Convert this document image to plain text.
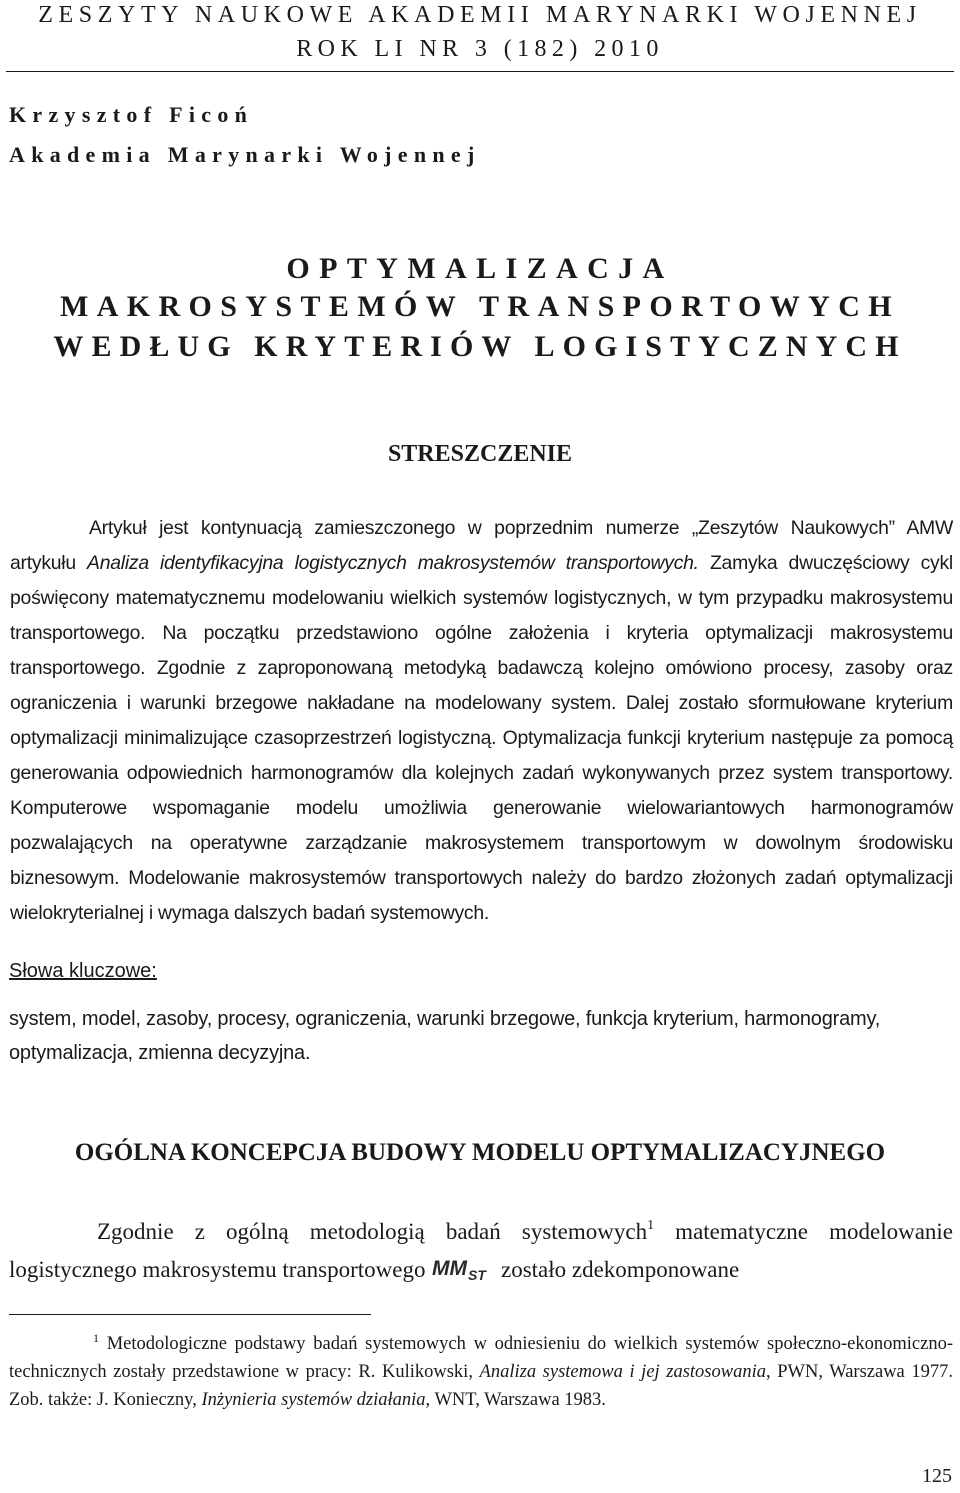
ZESZYTY NAUKOWE AKADEMII MARYNARKI WOJENNEJ
ROK LI NR 3 (182) 2010
Krzysztof Ficoń
Akademia Marynarki Wojennej
OPTYMALIZACJA
MAKROSYSTEMÓW TRANSPORTOWYCH
WEDŁUG KRYTERIÓW LOGISTYCZNYCH
STRESZCZENIE

Artykuł jest kontynuacją zamieszczonego w poprzednim numerze „Zeszytów Naukowych” AMW artykułu Analiza identyfikacyjna logistycznych makrosystemów transportowych. Zamyka dwuczęściowy cykl poświęcony matematycznemu modelowaniu wielkich systemów logistycznych, w tym przypadku makrosystemu transportowego. Na początku przedstawiono ogólne założenia i kryteria optymalizacji makrosystemu transportowego. Zgodnie z zaproponowaną metodyką badawczą kolejno omówiono procesy, zasoby oraz ograniczenia i warunki brzegowe nakładane na modelowany system. Dalej zostało sformułowane kryterium optymalizacji minimalizujące czasoprzestrzeń logistyczną. Optymalizacja funkcji kryterium następuje za pomocą generowania odpowiednich harmonogramów dla kolejnych zadań wykonywanych przez system transportowy. Komputerowe wspomaganie modelu umożliwia generowanie wielowariantowych harmonogramów pozwalających na operatywne zarządzanie makrosystemem transportowym w dowolnym środowisku biznesowym. Modelowanie makrosystemów transportowych należy do bardzo złożonych zadań optymalizacji wielokryterialnej i wymaga dalszych badań systemowych.

Słowa kluczowe:

system, model, zasoby, procesy, ograniczenia, warunki brzegowe, funkcja kryterium, harmonogramy, optymalizacja, zmienna decyzyjna.

OGÓLNA KONCEPCJA BUDOWY MODELU OPTYMALIZACYJNEGO

Zgodnie z ogólną metodologią badań systemowych$^1$ matematyczne modelowanie logistycznego makrosystemu transportowego MM ST zostało zdekomponowane

$^1$ Metodologiczne podstawy badań systemowych w odniesieniu do wielkich systemów społeczno-ekonomiczno-technicznych zostały przedstawione w pracy: R. Kulikowski, Analiza systemowa i jej zastosowania, PWN, Warszawa 1977. Zob. także: J. Konieczny, Inżynieria systemów działania, WNT, Warszawa 1983.

125
